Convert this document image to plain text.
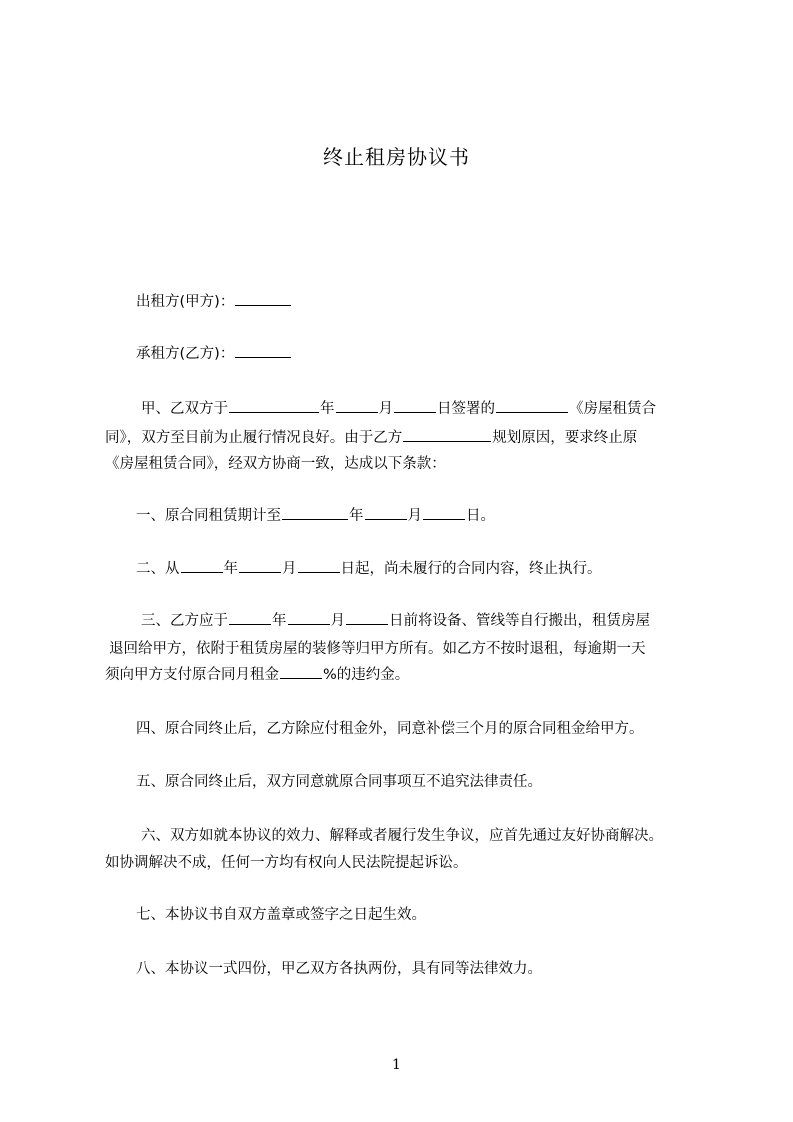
终止租房协议书
出租方(甲方)：
承租方(乙方)：
甲、乙双方于	年	月	日签署的	《房屋租赁合
同》，双方至目前为止履行情况良好。由于乙方	规划原因，要求终止原
《房屋租赁合同》，经双方协商一致，达成以下条款：
一、原合同租赁期计至	年	月	日。
二、从	年	月	日起，尚未履行的合同内容，终止执行。
三、乙方应于	年	月	日前将设备、管线等自行搬出，租赁房屋
退回给甲方，依附于租赁房屋的装修等归甲方所有。如乙方不按时退租，每逾期一天
须向甲方支付原合同月租金	%的违约金。
四、原合同终止后，乙方除应付租金外，同意补偿三个月的原合同租金给甲方。
五、原合同终止后，双方同意就原合同事项互不追究法律责任。
六、双方如就本协议的效力、解释或者履行发生争议，应首先通过友好协商解决。
如协调解决不成，任何一方均有权向人民法院提起诉讼。
七、本协议书自双方盖章或签字之日起生效。
八、本协议一式四份，甲乙双方各执两份，具有同等法律效力。
1
